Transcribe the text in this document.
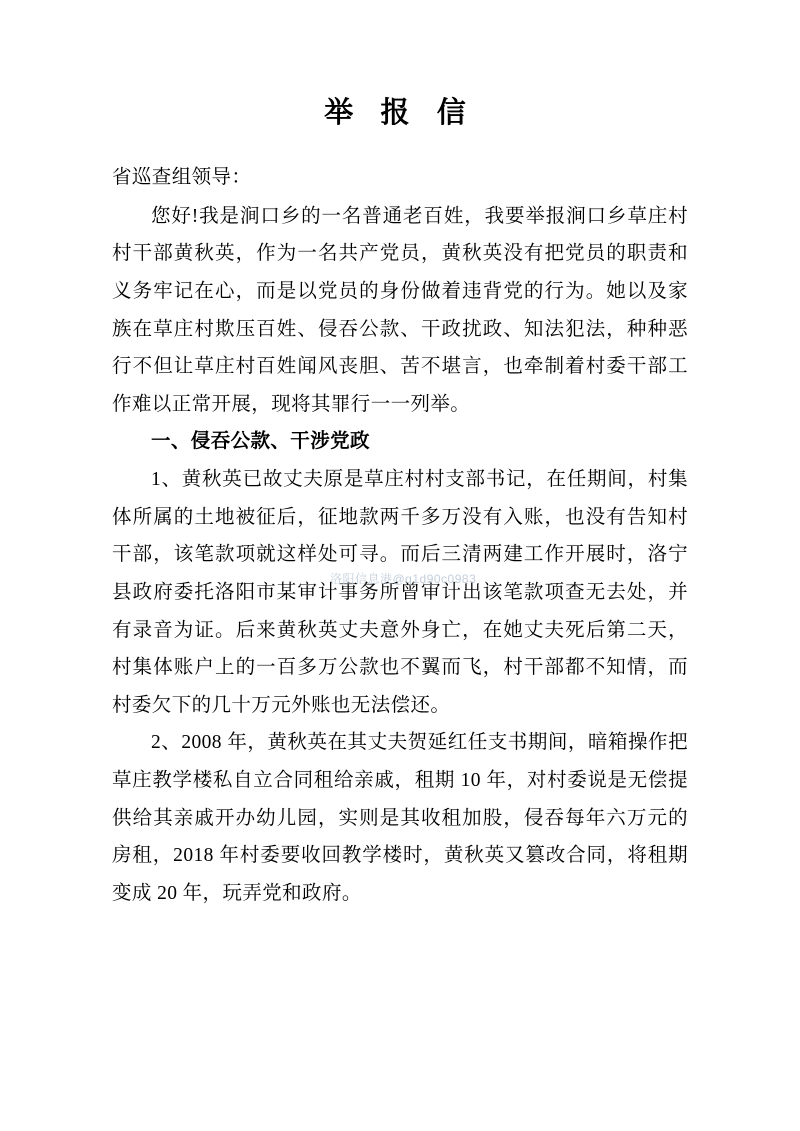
举 报 信

省巡查组领导：

您好!我是涧口乡的一名普通老百姓，我要举报涧口乡草庄村村干部黄秋英，作为一名共产党员，黄秋英没有把党员的职责和义务牢记在心，而是以党员的身份做着违背党的行为。她以及家族在草庄村欺压百姓、侵吞公款、干政扰政、知法犯法，种种恶行不但让草庄村百姓闻风丧胆、苦不堪言，也牵制着村委干部工作难以正常开展，现将其罪行一一列举。

一、侵吞公款、干涉党政

1、黄秋英已故丈夫原是草庄村村支部书记，在任期间，村集体所属的土地被征后，征地款两千多万没有入账，也没有告知村干部，该笔款项就这样处可寻。而后三清两建工作开展时，洛宁县政府委托洛阳市某审计事务所曾审计出该笔款项查无去处，并有录音为证。后来黄秋英丈夫意外身亡，在她丈夫死后第二天，村集体账户上的一百多万公款也不翼而飞，村干部都不知情，而村委欠下的几十万元外账也无法偿还。

2、2008 年，黄秋英在其丈夫贺延红任支书期间，暗箱操作把草庄教学楼私自立合同租给亲戚，租期 10 年，对村委说是无偿提供给其亲戚开办幼儿园，实则是其收租加股，侵吞每年六万元的房租，2018 年村委要收回教学楼时，黄秋英又篡改合同，将租期变成 20 年，玩弄党和政府。

洛阳信息港@q1d90c0983
